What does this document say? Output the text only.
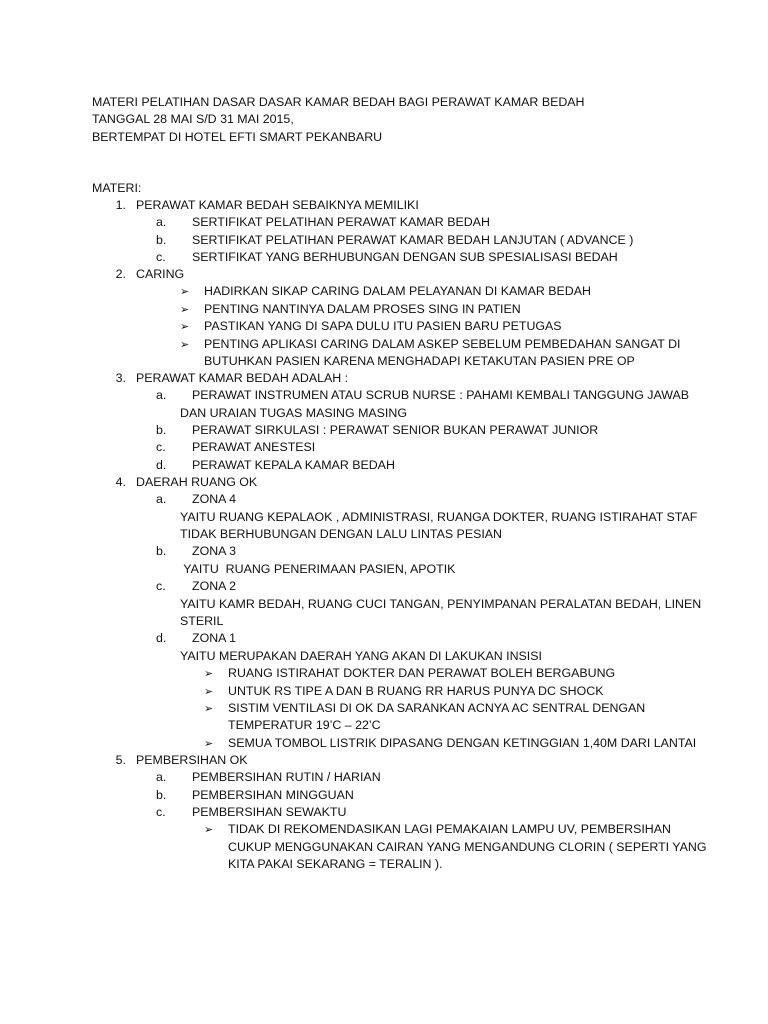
MATERI PELATIHAN DASAR DASAR KAMAR BEDAH BAGI PERAWAT KAMAR BEDAH
TANGGAL 28 MAI S/D 31 MAI 2015,
BERTEMPAT DI HOTEL EFTI SMART PEKANBARU
MATERI:
1. PERAWAT KAMAR BEDAH SEBAIKNYA MEMILIKI
a. SERTIFIKAT PELATIHAN PERAWAT KAMAR BEDAH
b. SERTIFIKAT PELATIHAN PERAWAT KAMAR BEDAH LANJUTAN ( ADVANCE )
c. SERTIFIKAT YANG BERHUBUNGAN DENGAN SUB SPESIALISASI BEDAH
2. CARING
➢ HADIRKAN SIKAP CARING DALAM PELAYANAN DI KAMAR BEDAH
➢ PENTING NANTINYA DALAM PROSES SING IN PATIEN
➢ PASTIKAN YANG DI SAPA DULU ITU PASIEN BARU PETUGAS
➢ PENTING APLIKASI CARING DALAM ASKEP SEBELUM PEMBEDAHAN SANGAT DI
BUTUHKAN PASIEN KARENA MENGHADAPI KETAKUTAN PASIEN PRE OP
3. PERAWAT KAMAR BEDAH ADALAH :
a. PERAWAT INSTRUMEN ATAU SCRUB NURSE : PAHAMI KEMBALI TANGGUNG JAWAB
DAN URAIAN TUGAS MASING MASING
b. PERAWAT SIRKULASI : PERAWAT SENIOR BUKAN PERAWAT JUNIOR
c. PERAWAT ANESTESI
d. PERAWAT KEPALA KAMAR BEDAH
4. DAERAH RUANG OK
a. ZONA 4
YAITU RUANG KEPALAOK , ADMINISTRASI, RUANGA DOKTER, RUANG ISTIRAHAT STAF
TIDAK BERHUBUNGAN DENGAN LALU LINTAS PESIAN
b. ZONA 3
YAITU  RUANG PENERIMAAN PASIEN, APOTIK
c. ZONA 2
YAITU KAMR BEDAH, RUANG CUCI TANGAN, PENYIMPANAN PERALATAN BEDAH, LINEN
STERIL
d. ZONA 1
YAITU MERUPAKAN DAERAH YANG AKAN DI LAKUKAN INSISI
➢ RUANG ISTIRAHAT DOKTER DAN PERAWAT BOLEH BERGABUNG
➢ UNTUK RS TIPE A DAN B RUANG RR HARUS PUNYA DC SHOCK
➢ SISTIM VENTILASI DI OK DA SARANKAN ACNYA AC SENTRAL DENGAN
TEMPERATUR 19’C – 22’C
➢ SEMUA TOMBOL LISTRIK DIPASANG DENGAN KETINGGIAN 1,40M DARI LANTAI
5. PEMBERSIHAN OK
a. PEMBERSIHAN RUTIN / HARIAN
b. PEMBERSIHAN MINGGUAN
c. PEMBERSIHAN SEWAKTU
➢ TIDAK DI REKOMENDASIKAN LAGI PEMAKAIAN LAMPU UV, PEMBERSIHAN
CUKUP MENGGUNAKAN CAIRAN YANG MENGANDUNG CLORIN ( SEPERTI YANG
KITA PAKAI SEKARANG = TERALIN ).
